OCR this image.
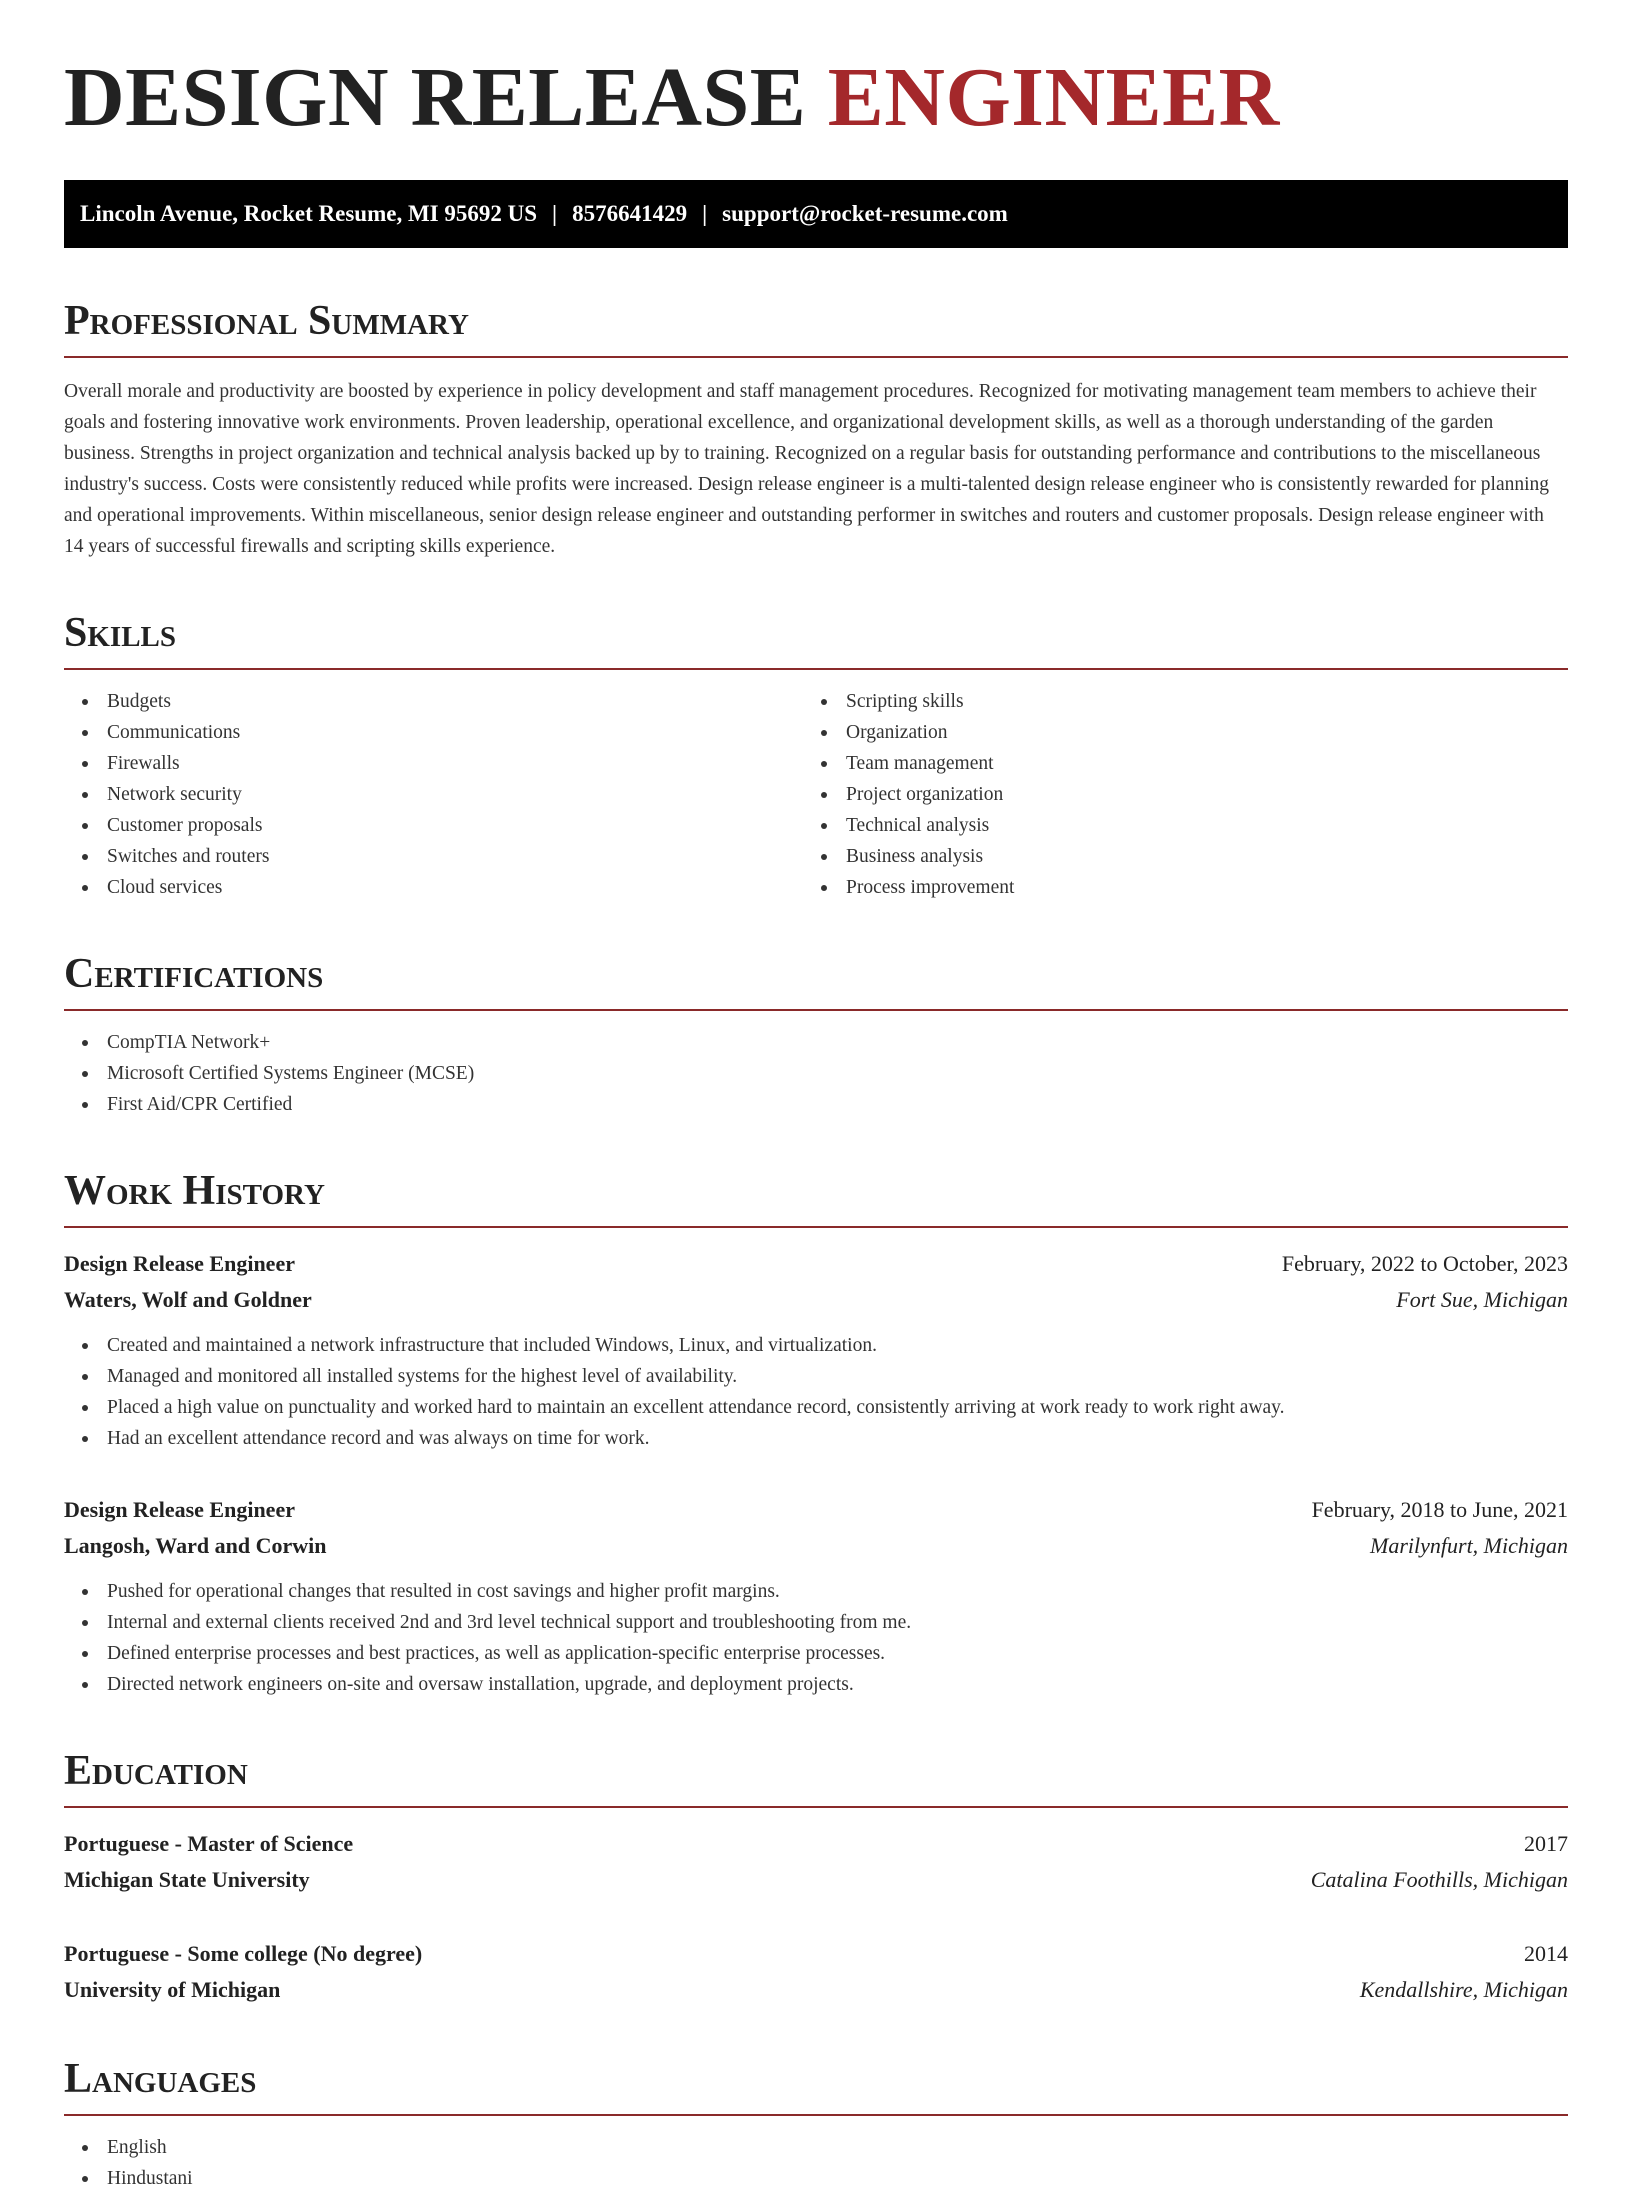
DESIGN RELEASE ENGINEER
Lincoln Avenue, Rocket Resume, MI 95692 US | 8576641429 | support@rocket-resume.com
Professional Summary
Overall morale and productivity are boosted by experience in policy development and staff management procedures. Recognized for motivating management team members to achieve their goals and fostering innovative work environments. Proven leadership, operational excellence, and organizational development skills, as well as a thorough understanding of the garden business. Strengths in project organization and technical analysis backed up by to training. Recognized on a regular basis for outstanding performance and contributions to the miscellaneous industry's success. Costs were consistently reduced while profits were increased. Design release engineer is a multi-talented design release engineer who is consistently rewarded for planning and operational improvements. Within miscellaneous, senior design release engineer and outstanding performer in switches and routers and customer proposals. Design release engineer with 14 years of successful firewalls and scripting skills experience.
Skills
Budgets
Communications
Firewalls
Network security
Customer proposals
Switches and routers
Cloud services
Scripting skills
Organization
Team management
Project organization
Technical analysis
Business analysis
Process improvement
Certifications
CompTIA Network+
Microsoft Certified Systems Engineer (MCSE)
First Aid/CPR Certified
Work History
Design Release Engineer	February, 2022 to October, 2023
Waters, Wolf and Goldner	Fort Sue, Michigan
Created and maintained a network infrastructure that included Windows, Linux, and virtualization.
Managed and monitored all installed systems for the highest level of availability.
Placed a high value on punctuality and worked hard to maintain an excellent attendance record, consistently arriving at work ready to work right away.
Had an excellent attendance record and was always on time for work.
Design Release Engineer	February, 2018 to June, 2021
Langosh, Ward and Corwin	Marilynfurt, Michigan
Pushed for operational changes that resulted in cost savings and higher profit margins.
Internal and external clients received 2nd and 3rd level technical support and troubleshooting from me.
Defined enterprise processes and best practices, as well as application-specific enterprise processes.
Directed network engineers on-site and oversaw installation, upgrade, and deployment projects.
Education
Portuguese - Master of Science	2017
Michigan State University	Catalina Foothills, Michigan
Portuguese - Some college (No degree)	2014
University of Michigan	Kendallshire, Michigan
Languages
English
Hindustani
